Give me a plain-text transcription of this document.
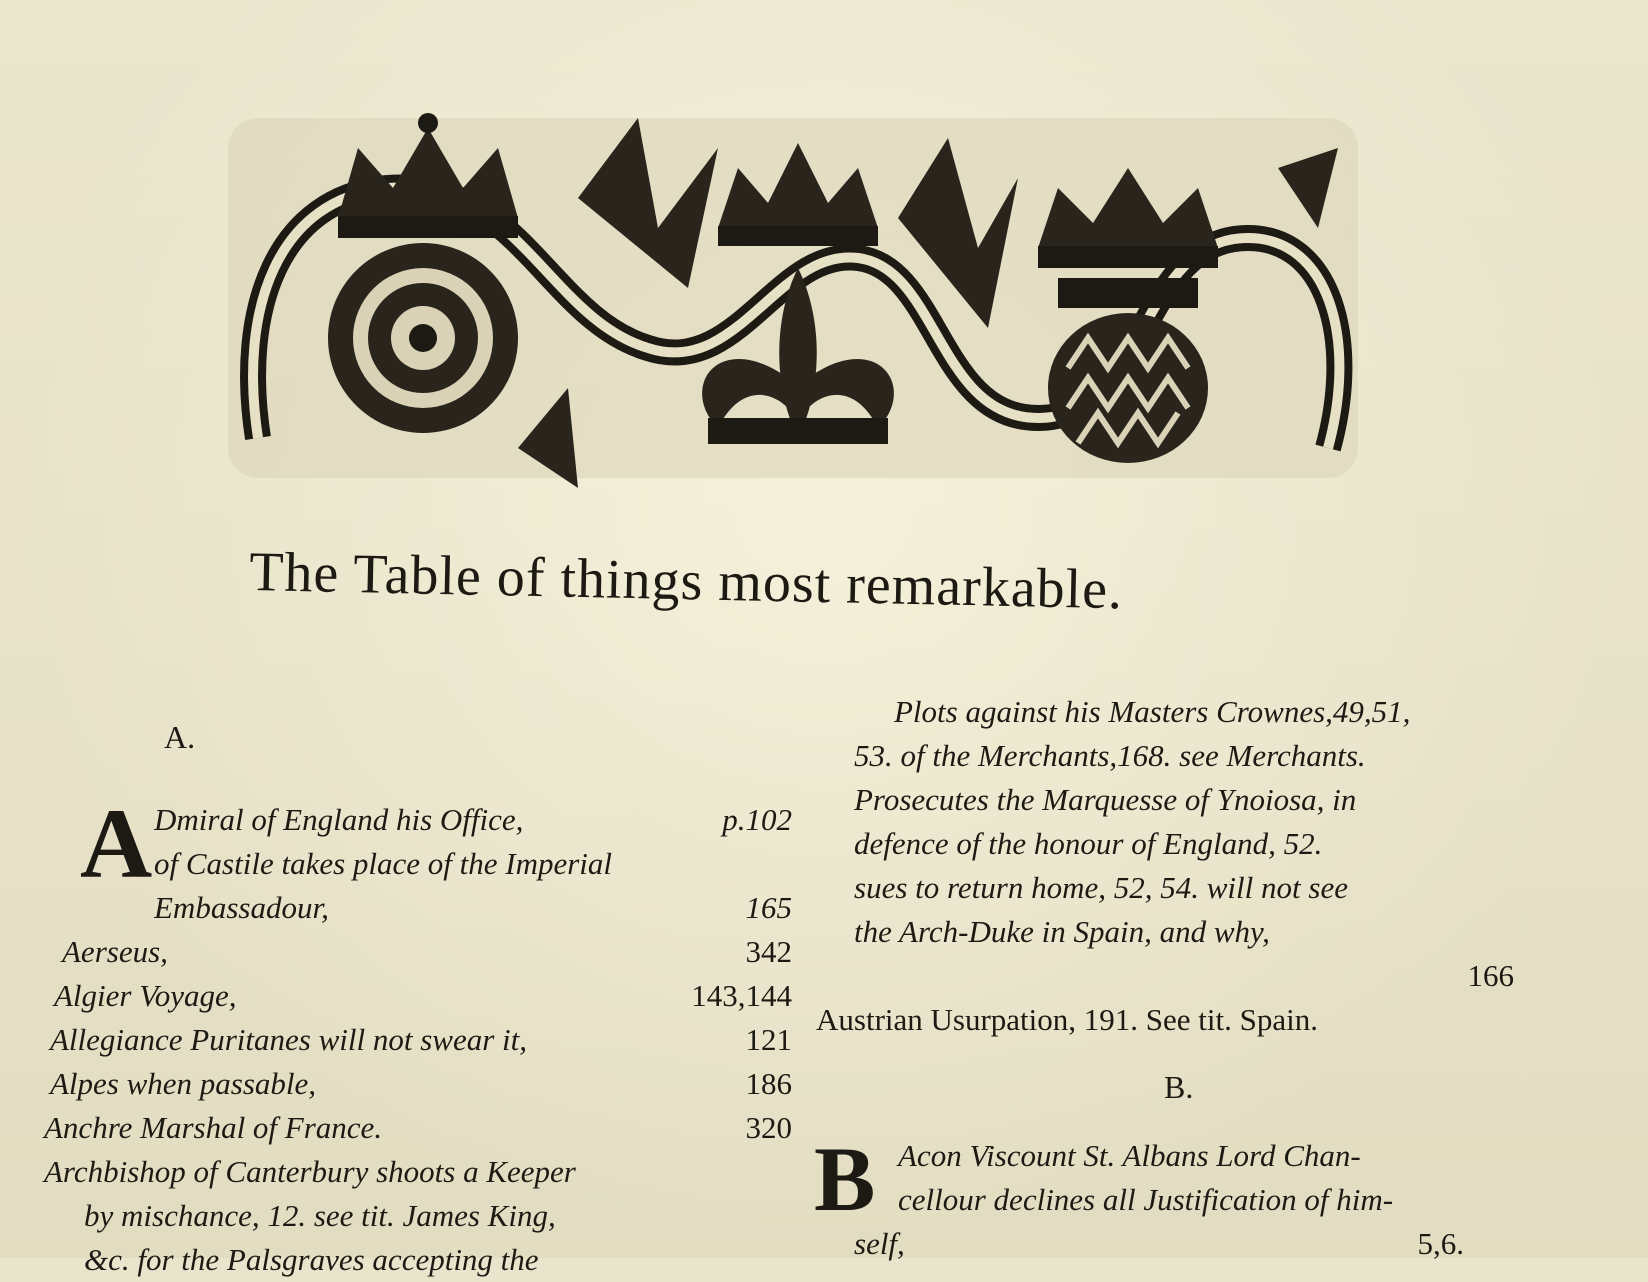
The Table of things most remarkable.
A.
A Dmiral of England his Office,	p.102
of Castile takes place of the Imperial
Embassadour,	165
Aerseus,	342
Algier Voyage,	143,144
Allegiance Puritanes will not swear it,	121
Alpes when passable,	186
Anchre Marshal of France.	320
Archbishop of Canterbury shoots a Keeper
by mischance, 12. see tit. James King,
&c. for the Palsgraves accepting the
Plots against his Masters Crownes,49,51,
53. of the Merchants,168. see Merchants.
Prosecutes the Marquesse of Ynoiosa, in
defence of the honour of England, 52.
sues to return home, 52, 54. will not see
the Arch-Duke in Spain, and why,
166
Austrian Usurpation, 191. See tit. Spain.
B.
B Acon Viscount St. Albans Lord Chan-
cellour declines all Justification of him-
self,	5,6.
